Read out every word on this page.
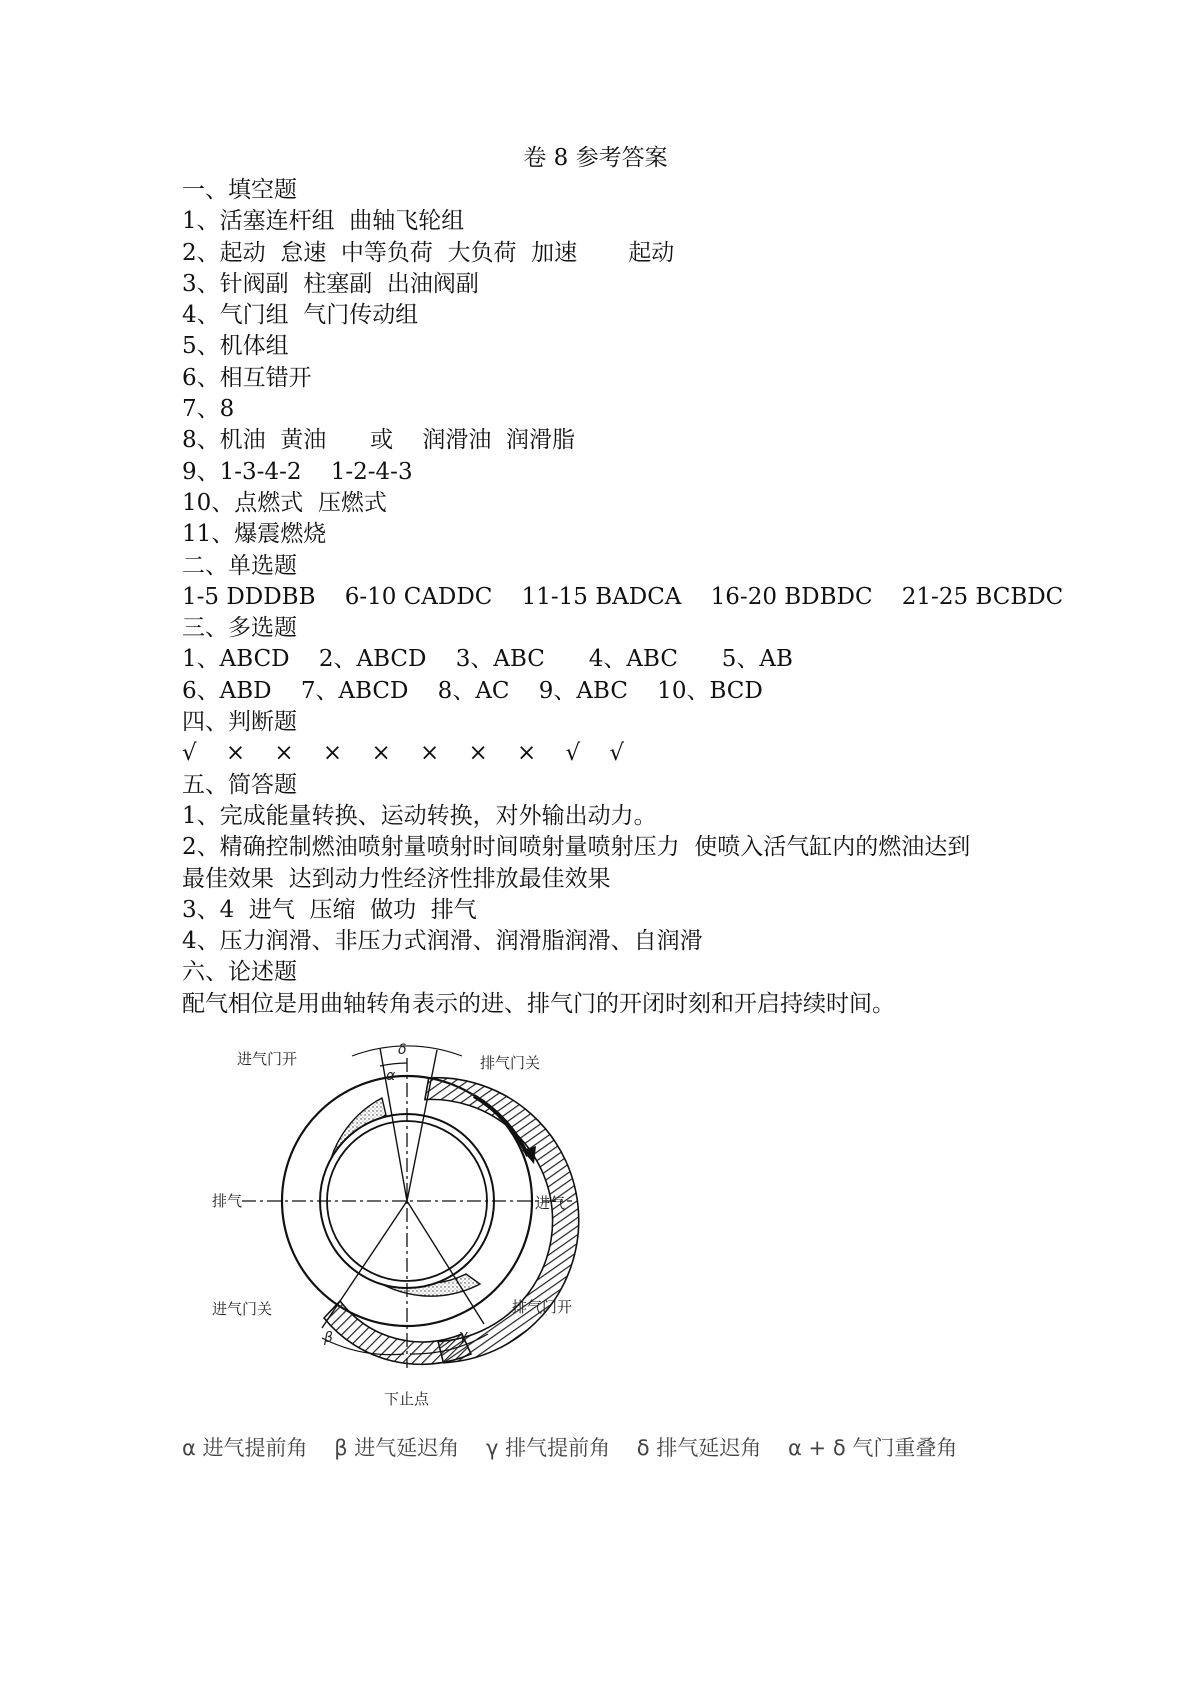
卷 8 参考答案
一、填空题
1、活塞连杆组  曲轴飞轮组
2、起动  怠速  中等负荷  大负荷  加速       起动
3、针阀副  柱塞副  出油阀副
4、气门组  气门传动组
5、机体组
6、相互错开
7、8
8、机油  黄油      或    润滑油  润滑脂
9、1-3-4-2    1-2-4-3
10、点燃式  压燃式
11、爆震燃烧
二、单选题
1-5 DDDBB    6-10 CADDC    11-15 BADCA    16-20 BDBDC    21-25 BCBDC
三、多选题
1、ABCD    2、ABCD    3、ABC      4、ABC      5、AB
6、ABD    7、ABCD    8、AC    9、ABC    10、BCD
四、判断题
√    ×    ×    ×    ×    ×    ×    ×    √    √
五、简答题
1、完成能量转换、运动转换，对外输出动力。
2、精确控制燃油喷射量喷射时间喷射量喷射压力  使喷入活气缸内的燃油达到
最佳效果  达到动力性经济性排放最佳效果
3、4  进气  压缩  做功  排气
4、压力润滑、非压力式润滑、润滑脂润滑、自润滑
六、论述题
配气相位是用曲轴转角表示的进、排气门的开闭时刻和开启持续时间。
进气门开	排气门关
δ
α
排气	进气
进气门关	排气门开
β	γ
下止点
α 进气提前角    β 进气延迟角    γ 排气提前角    δ 排气延迟角    α + δ 气门重叠角
